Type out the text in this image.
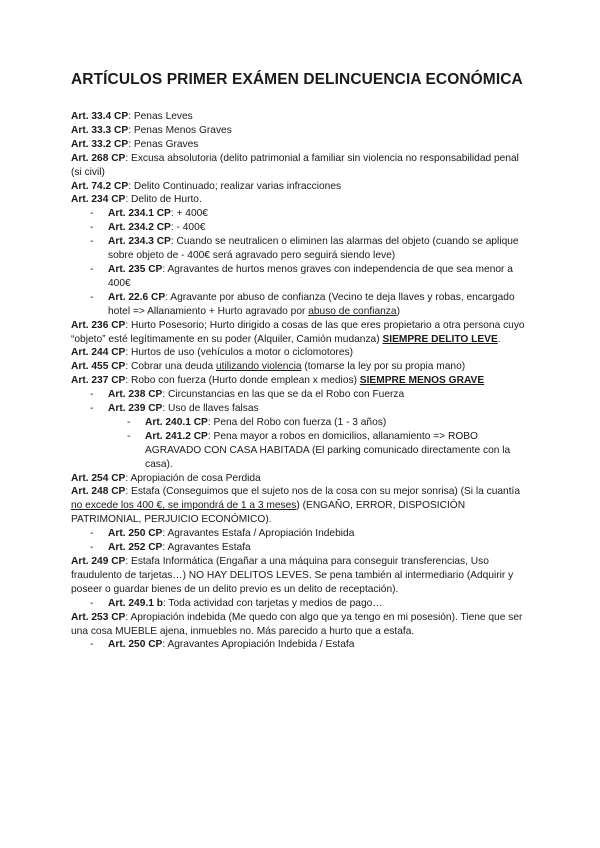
ARTÍCULOS PRIMER EXÁMEN DELINCUENCIA ECONÓMICA
Art. 33.4 CP: Penas Leves
Art. 33.3 CP: Penas Menos Graves
Art. 33.2 CP: Penas Graves
Art. 268 CP: Excusa absolutoria (delito patrimonial a familiar sin violencia no responsabilidad penal (si civil)
Art. 74.2 CP: Delito Continuado; realizar varias infracciones
Art. 234 CP: Delito de Hurto.
- Art. 234.1 CP: + 400€
- Art. 234.2 CP: - 400€
- Art. 234.3 CP: Cuando se neutralicen o eliminen las alarmas del objeto (cuando se aplique sobre objeto de - 400€ será agravado pero seguirá siendo leve)
- Art. 235 CP: Agravantes de hurtos menos graves con independencia de que sea menor a 400€
- Art. 22.6 CP: Agravante por abuso de confianza (Vecino te deja llaves y robas, encargado hotel => Allanamiento + Hurto agravado por abuso de confianza)
Art. 236 CP: Hurto Posesorio; Hurto dirigido a cosas de las que eres propietario a otra persona cuyo “objeto” esté legítimamente en su poder (Alquiler, Camión mudanza) SIEMPRE DELITO LEVE.
Art. 244 CP: Hurtos de uso (vehículos a motor o ciclomotores)
Art. 455 CP: Cobrar una deuda utilizando violencia (tomarse la ley por su propia mano)
Art. 237 CP: Robo con fuerza (Hurto donde emplean x medios) SIEMPRE MENOS GRAVE
- Art. 238 CP: Circunstancias en las que se da el Robo con Fuerza
- Art. 239 CP: Uso de llaves falsas
- Art. 240.1 CP: Pena del Robo con fuerza (1 - 3 años)
- Art. 241.2 CP: Pena mayor a robos en domicilios, allanamiento => ROBO AGRAVADO CON CASA HABITADA (El parking comunicado directamente con la casa).
Art. 254 CP: Apropiación de cosa Perdida
Art. 248 CP: Estafa (Conseguimos que el sujeto nos de la cosa con su mejor sonrisa) (Si la cuantía no excede los 400 €, se impondrá de 1 a 3 meses) (ENGAÑO, ERROR, DISPOSICIÓN PATRIMONIAL, PERJUICIO ECONÓMICO).
- Art. 250 CP: Agravantes Estafa / Apropiación Indebida
- Art. 252 CP: Agravantes Estafa
Art. 249 CP: Estafa Informática (Engañar a una máquina para conseguir transferencias, Uso fraudulento de tarjetas…) NO HAY DELITOS LEVES. Se pena también al intermediario (Adquirir y poseer o guardar bienes de un delito previo es un delito de receptación).
- Art. 249.1 b: Toda actividad con tarjetas y medios de pago…
Art. 253 CP: Apropiación indebida (Me quedo con algo que ya tengo en mi posesión). Tiene que ser una cosa MUEBLE ajena, inmuebles no. Más parecido a hurto que a estafa.
- Art. 250 CP: Agravantes Apropiación Indebida / Estafa
